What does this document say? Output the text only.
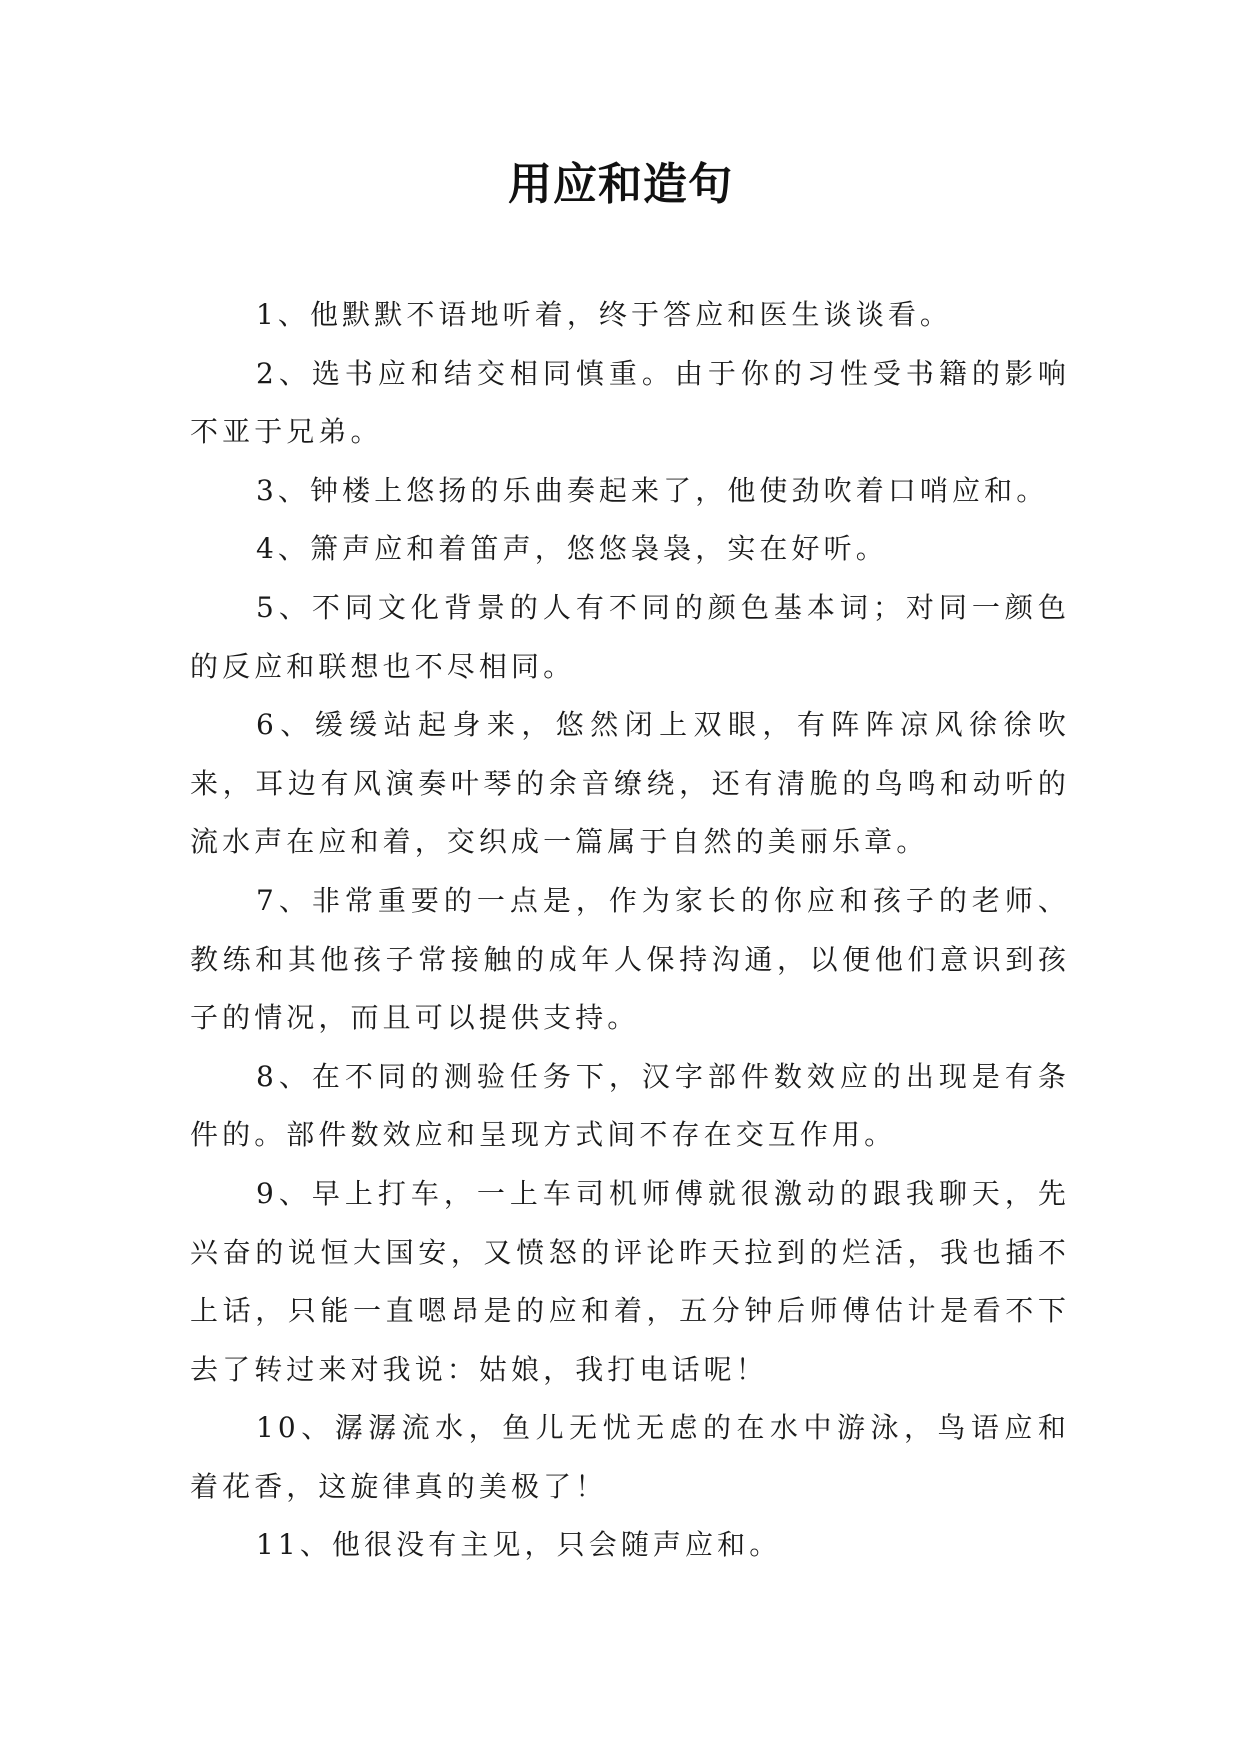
用应和造句

1、他默默不语地听着，终于答应和医生谈谈看。

2、选书应和结交相同慎重。由于你的习性受书籍的影响不亚于兄弟。

3、钟楼上悠扬的乐曲奏起来了，他使劲吹着口哨应和。

4、箫声应和着笛声，悠悠袅袅，实在好听。

5、不同文化背景的人有不同的颜色基本词；对同一颜色的反应和联想也不尽相同。

6、缓缓站起身来，悠然闭上双眼，有阵阵凉风徐徐吹来，耳边有风演奏叶琴的余音缭绕，还有清脆的鸟鸣和动听的流水声在应和着，交织成一篇属于自然的美丽乐章。

7、非常重要的一点是，作为家长的你应和孩子的老师、教练和其他孩子常接触的成年人保持沟通，以便他们意识到孩子的情况，而且可以提供支持。

8、在不同的测验任务下，汉字部件数效应的出现是有条件的。部件数效应和呈现方式间不存在交互作用。

9、早上打车，一上车司机师傅就很激动的跟我聊天，先兴奋的说恒大国安，又愤怒的评论昨天拉到的烂活，我也插不上话，只能一直嗯昂是的应和着，五分钟后师傅估计是看不下去了转过来对我说：姑娘，我打电话呢！

10、潺潺流水，鱼儿无忧无虑的在水中游泳，鸟语应和着花香，这旋律真的美极了！

11、他很没有主见，只会随声应和。
